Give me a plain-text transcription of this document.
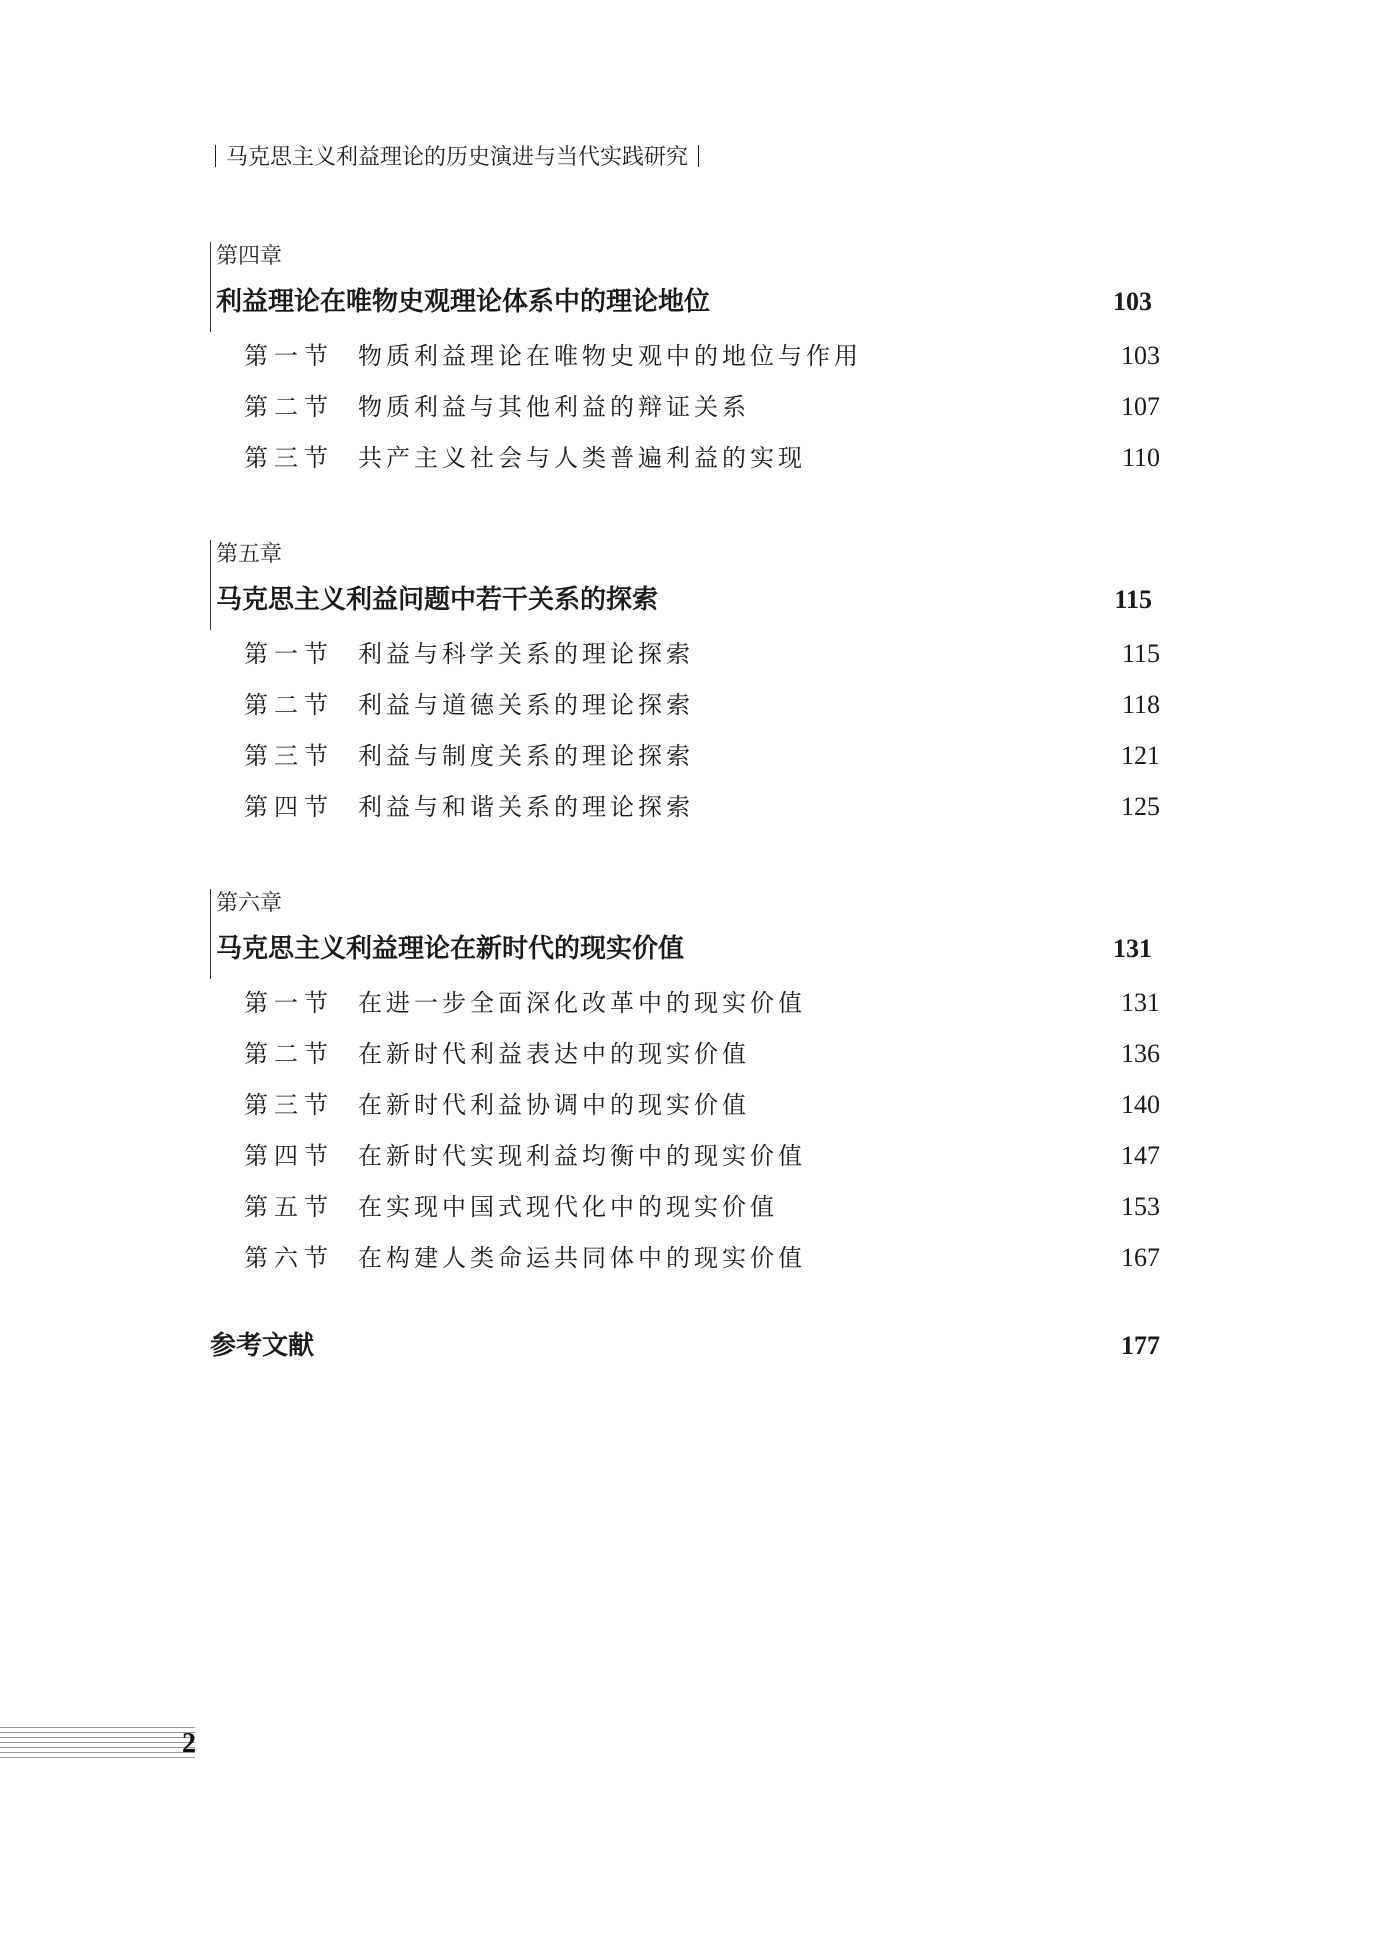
马克思主义利益理论的历史演进与当代实践研究
第四章
利益理论在唯物史观理论体系中的理论地位	103
第一节	物质利益理论在唯物史观中的地位与作用	103
第二节	物质利益与其他利益的辩证关系	107
第三节	共产主义社会与人类普遍利益的实现	110
第五章
马克思主义利益问题中若干关系的探索	115
第一节	利益与科学关系的理论探索	115
第二节	利益与道德关系的理论探索	118
第三节	利益与制度关系的理论探索	121
第四节	利益与和谐关系的理论探索	125
第六章
马克思主义利益理论在新时代的现实价值	131
第一节	在进一步全面深化改革中的现实价值	131
第二节	在新时代利益表达中的现实价值	136
第三节	在新时代利益协调中的现实价值	140
第四节	在新时代实现利益均衡中的现实价值	147
第五节	在实现中国式现代化中的现实价值	153
第六节	在构建人类命运共同体中的现实价值	167
参考文献	177
2
